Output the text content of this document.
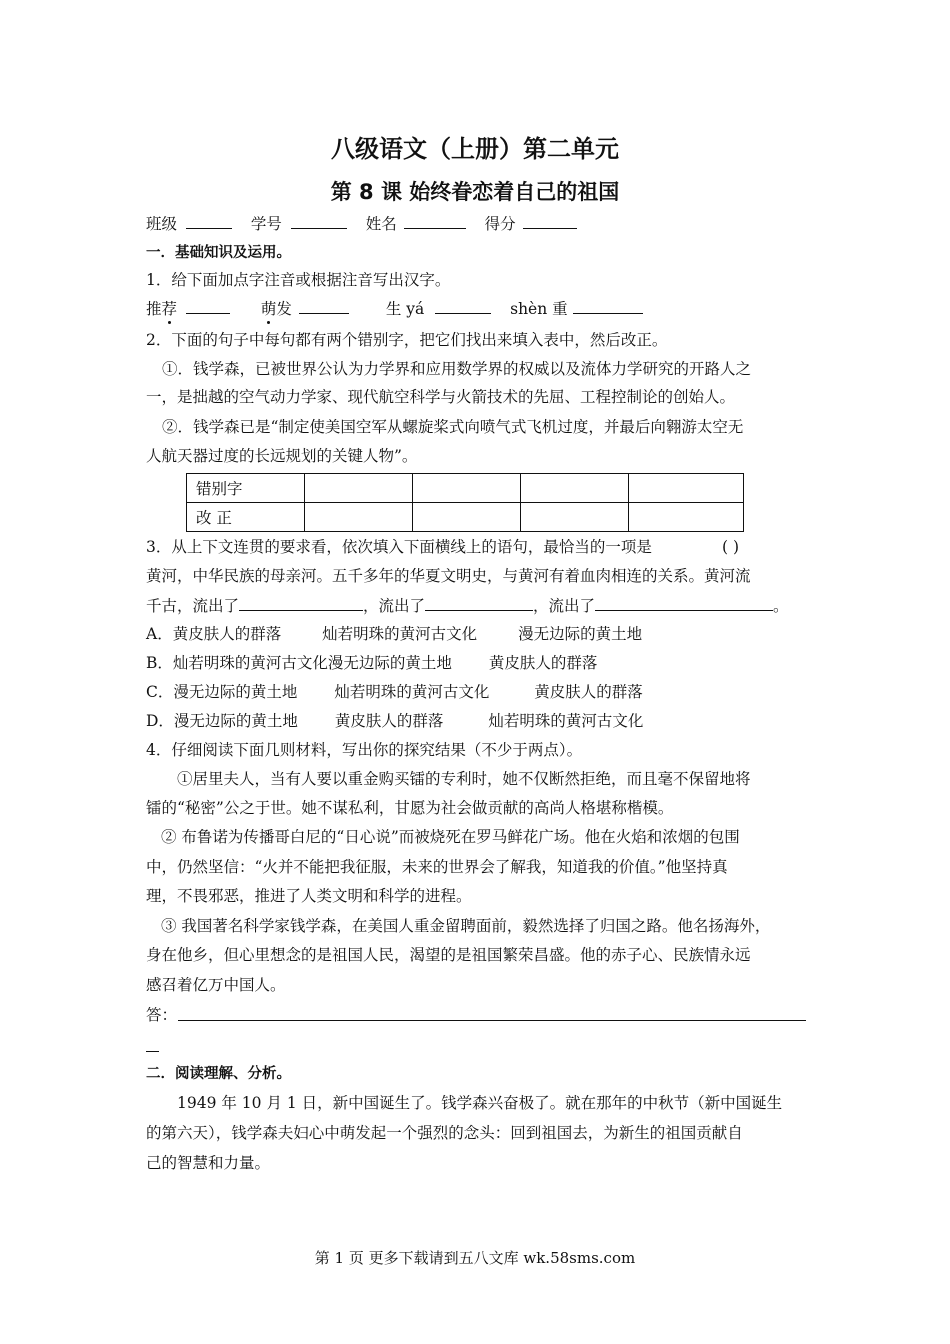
八级语文（上册）第二单元
第 8 课 始终眷恋着自己的祖国
班级	学号	姓名	得分
一．基础知识及运用。
1．给下面加点字注音或根据注音写出汉字。
推荐	萌发	生 yá	shèn 重
2．下面的句子中每句都有两个错别字，把它们找出来填入表中，然后改正。
①．钱学森，已被世界公认为力学界和应用数学界的权威以及流体力学研究的开路人之
一，是拙越的空气动力学家、现代航空科学与火箭技术的先屈、工程控制论的创始人。
②．钱学森已是“制定使美国空军从螺旋桨式向喷气式飞机过度，并最后向翱游太空无
人航天器过度的长远规划的关键人物”。
错别字				
改 正				
3．从上下文连贯的要求看，依次填入下面横线上的语句，最恰当的一项是	( )
黄河，中华民族的母亲河。五千多年的华夏文明史，与黄河有着血肉相连的关系。黄河流
千古，流出了	，流出了	，流出了	。
A．黄皮肤人的群落	灿若明珠的黄河古文化	漫无边际的黄土地
B．灿若明珠的黄河古文化漫无边际的黄土地 黄皮肤人的群落
C．漫无边际的黄土地 灿若明珠的黄河古文化	黄皮肤人的群落
D．漫无边际的黄土地 黄皮肤人的群落	灿若明珠的黄河古文化
4．仔细阅读下面几则材料，写出你的探究结果（不少于两点）。
①居里夫人，当有人要以重金购买镭的专利时，她不仅断然拒绝，而且毫不保留地将
镭的“秘密”公之于世。她不谋私利，甘愿为社会做贡献的高尚人格堪称楷模。
② 布鲁诺为传播哥白尼的“日心说”而被烧死在罗马鲜花广场。他在火焰和浓烟的包围
中，仍然坚信：“火并不能把我征服，未来的世界会了解我，知道我的价值。”他坚持真
理，不畏邪恶，推进了人类文明和科学的进程。
③ 我国著名科学家钱学森，在美国人重金留聘面前，毅然选择了归国之路。他名扬海外，
身在他乡，但心里想念的是祖国人民，渴望的是祖国繁荣昌盛。他的赤子心、民族情永远
感召着亿万中国人。
答：
二．阅读理解、分析。
1949 年 10 月 1 日，新中国诞生了。钱学森兴奋极了。就在那年的中秋节（新中国诞生
的第六天），钱学森夫妇心中萌发起一个强烈的念头：回到祖国去，为新生的祖国贡献自
己的智慧和力量。
第 1 页 更多下载请到五八文库 wk.58sms.com
